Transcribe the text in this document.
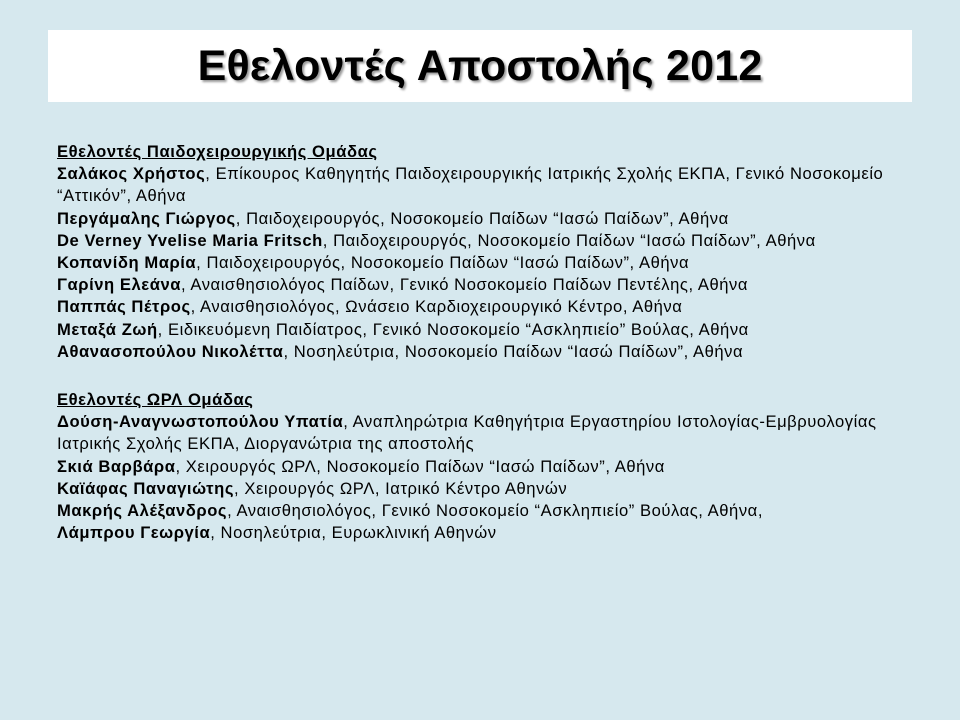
Εθελοντές Αποστολής 2012
Εθελοντές Παιδοχειρουργικής Ομάδας

Σαλάκος Χρήστος, Επίκουρος Καθηγητής Παιδοχειρουργικής Ιατρικής Σχολής ΕΚΠΑ, Γενικό Νοσοκομείο “Αττικόν”, Αθήνα

Περγάμαλης Γιώργος, Παιδοχειρουργός, Νοσοκομείο Παίδων “Ιασώ Παίδων”, Αθήνα

De Verney Yvelise Maria Fritsch, Παιδοχειρουργός, Νοσοκομείο Παίδων “Ιασώ Παίδων”, Αθήνα

Κοπανίδη Μαρία, Παιδοχειρουργός, Νοσοκομείο Παίδων “Ιασώ Παίδων”, Αθήνα

Γαρίνη Ελεάνα, Αναισθησιολόγος Παίδων, Γενικό Νοσοκομείο Παίδων Πεντέλης, Αθήνα

Παππάς Πέτρος, Αναισθησιολόγος, Ωνάσειο Καρδιοχειρουργικό Κέντρο, Αθήνα

Μεταξά Ζωή, Ειδικευόμενη Παιδίατρος, Γενικό Νοσοκομείο “Ασκληπιείο” Βούλας, Αθήνα

Αθανασοπούλου Νικολέττα, Νοσηλεύτρια, Νοσοκομείο Παίδων “Ιασώ Παίδων”, Αθήνα

Εθελοντές ΩΡΛ Ομάδας

Δούση-Αναγνωστοπούλου Υπατία, Αναπληρώτρια Καθηγήτρια Εργαστηρίου Ιστολογίας-Εμβρυολογίας Ιατρικής Σχολής ΕΚΠΑ, Διοργανώτρια της αποστολής

Σκιά Βαρβάρα, Χειρουργός ΩΡΛ, Νοσοκομείο Παίδων “Ιασώ Παίδων”, Αθήνα

Καϊάφας Παναγιώτης, Χειρουργός ΩΡΛ, Ιατρικό Κέντρο Αθηνών

Μακρής Αλέξανδρος, Αναισθησιολόγος, Γενικό Νοσοκομείο “Ασκληπιείο” Βούλας, Αθήνα,

Λάμπρου Γεωργία, Νοσηλεύτρια, Ευρωκλινική Αθηνών
